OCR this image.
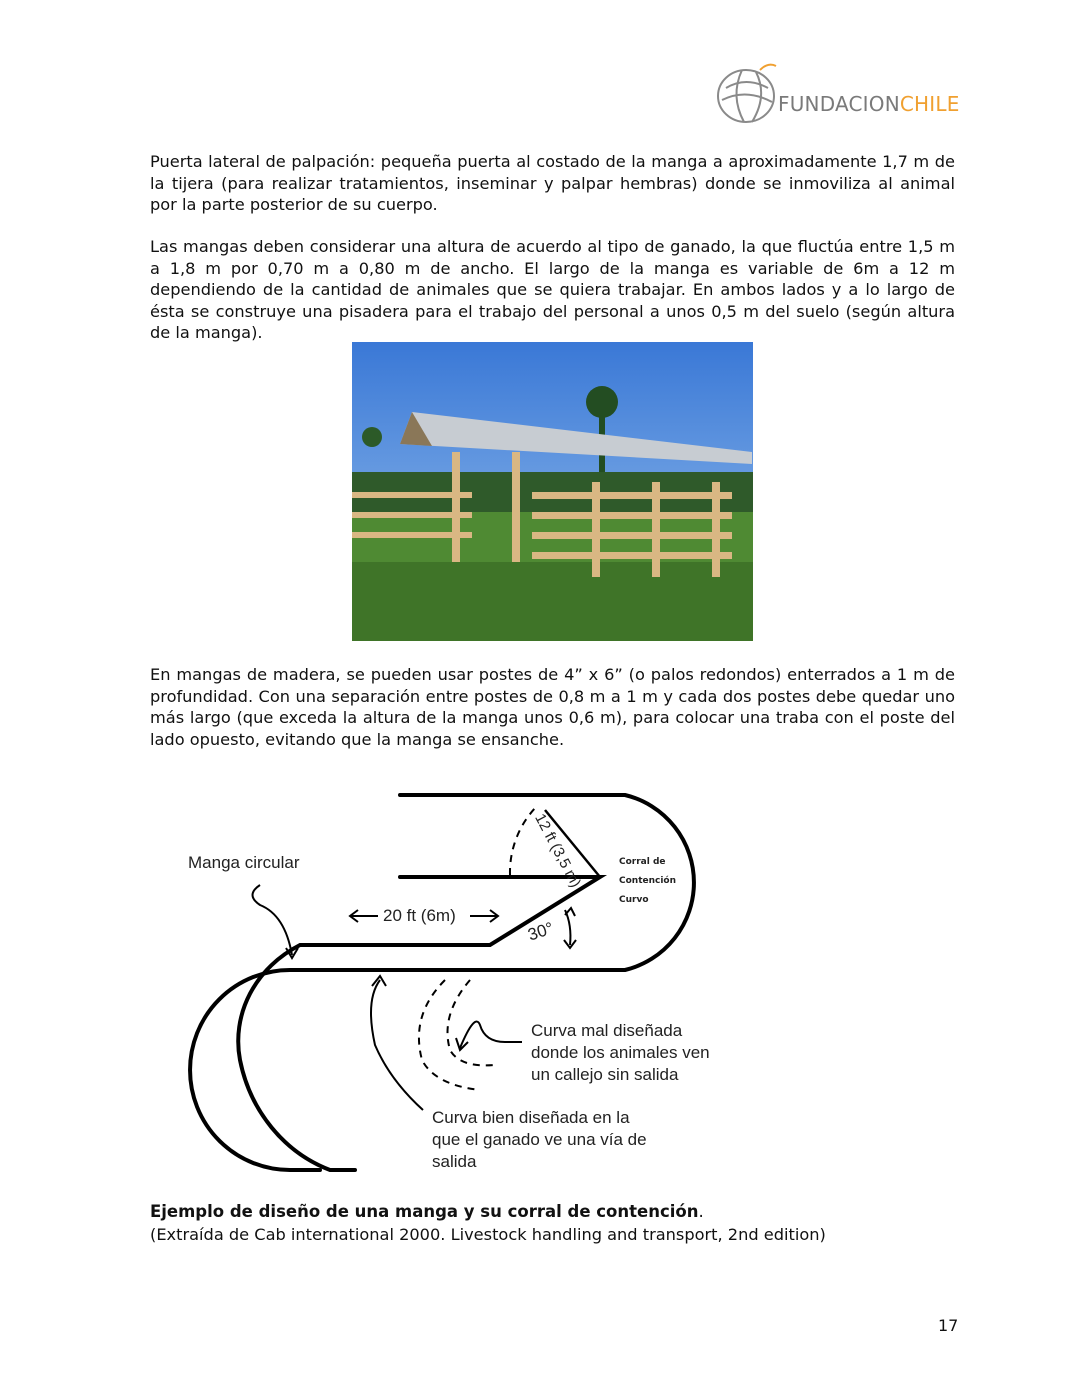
FUNDACIONCHILE

Puerta lateral de palpación: pequeña puerta al costado de la manga a aproximadamente 1,7 m de la tijera (para realizar tratamientos, inseminar y palpar hembras) donde se inmoviliza al animal por la parte posterior de su cuerpo.

Las mangas deben considerar una altura de acuerdo al tipo de ganado, la que fluctúa entre 1,5 m a 1,8 m por 0,70 m a 0,80 m de ancho. El largo de la manga es variable de 6m a 12 m dependiendo de la cantidad de animales que se quiera trabajar. En ambos lados y a lo largo de ésta se construye una pisadera para el trabajo del personal a unos 0,5 m del suelo (según altura de la manga).

En mangas de madera, se pueden usar postes de 4” x 6” (o palos redondos) enterrados a 1 m de profundidad. Con una separación entre postes de 0,8 m a 1 m y cada dos postes debe quedar uno más largo (que exceda la altura de la manga unos 0,6 m), para colocar una traba con el poste del lado opuesto, evitando que la manga se ensanche.

Manga circular
20 ft (6m)
12 ft (3,5 m)
30°
Corral de
Contención
Curvo
Curva mal diseñada
donde los animales ven
un callejo sin salida
Curva bien diseñada en la
que el ganado ve una vía de
salida
Ejemplo de diseño de una manga y su corral de contención.
(Extraída de Cab international 2000. Livestock handling and transport, 2nd edition)
17
